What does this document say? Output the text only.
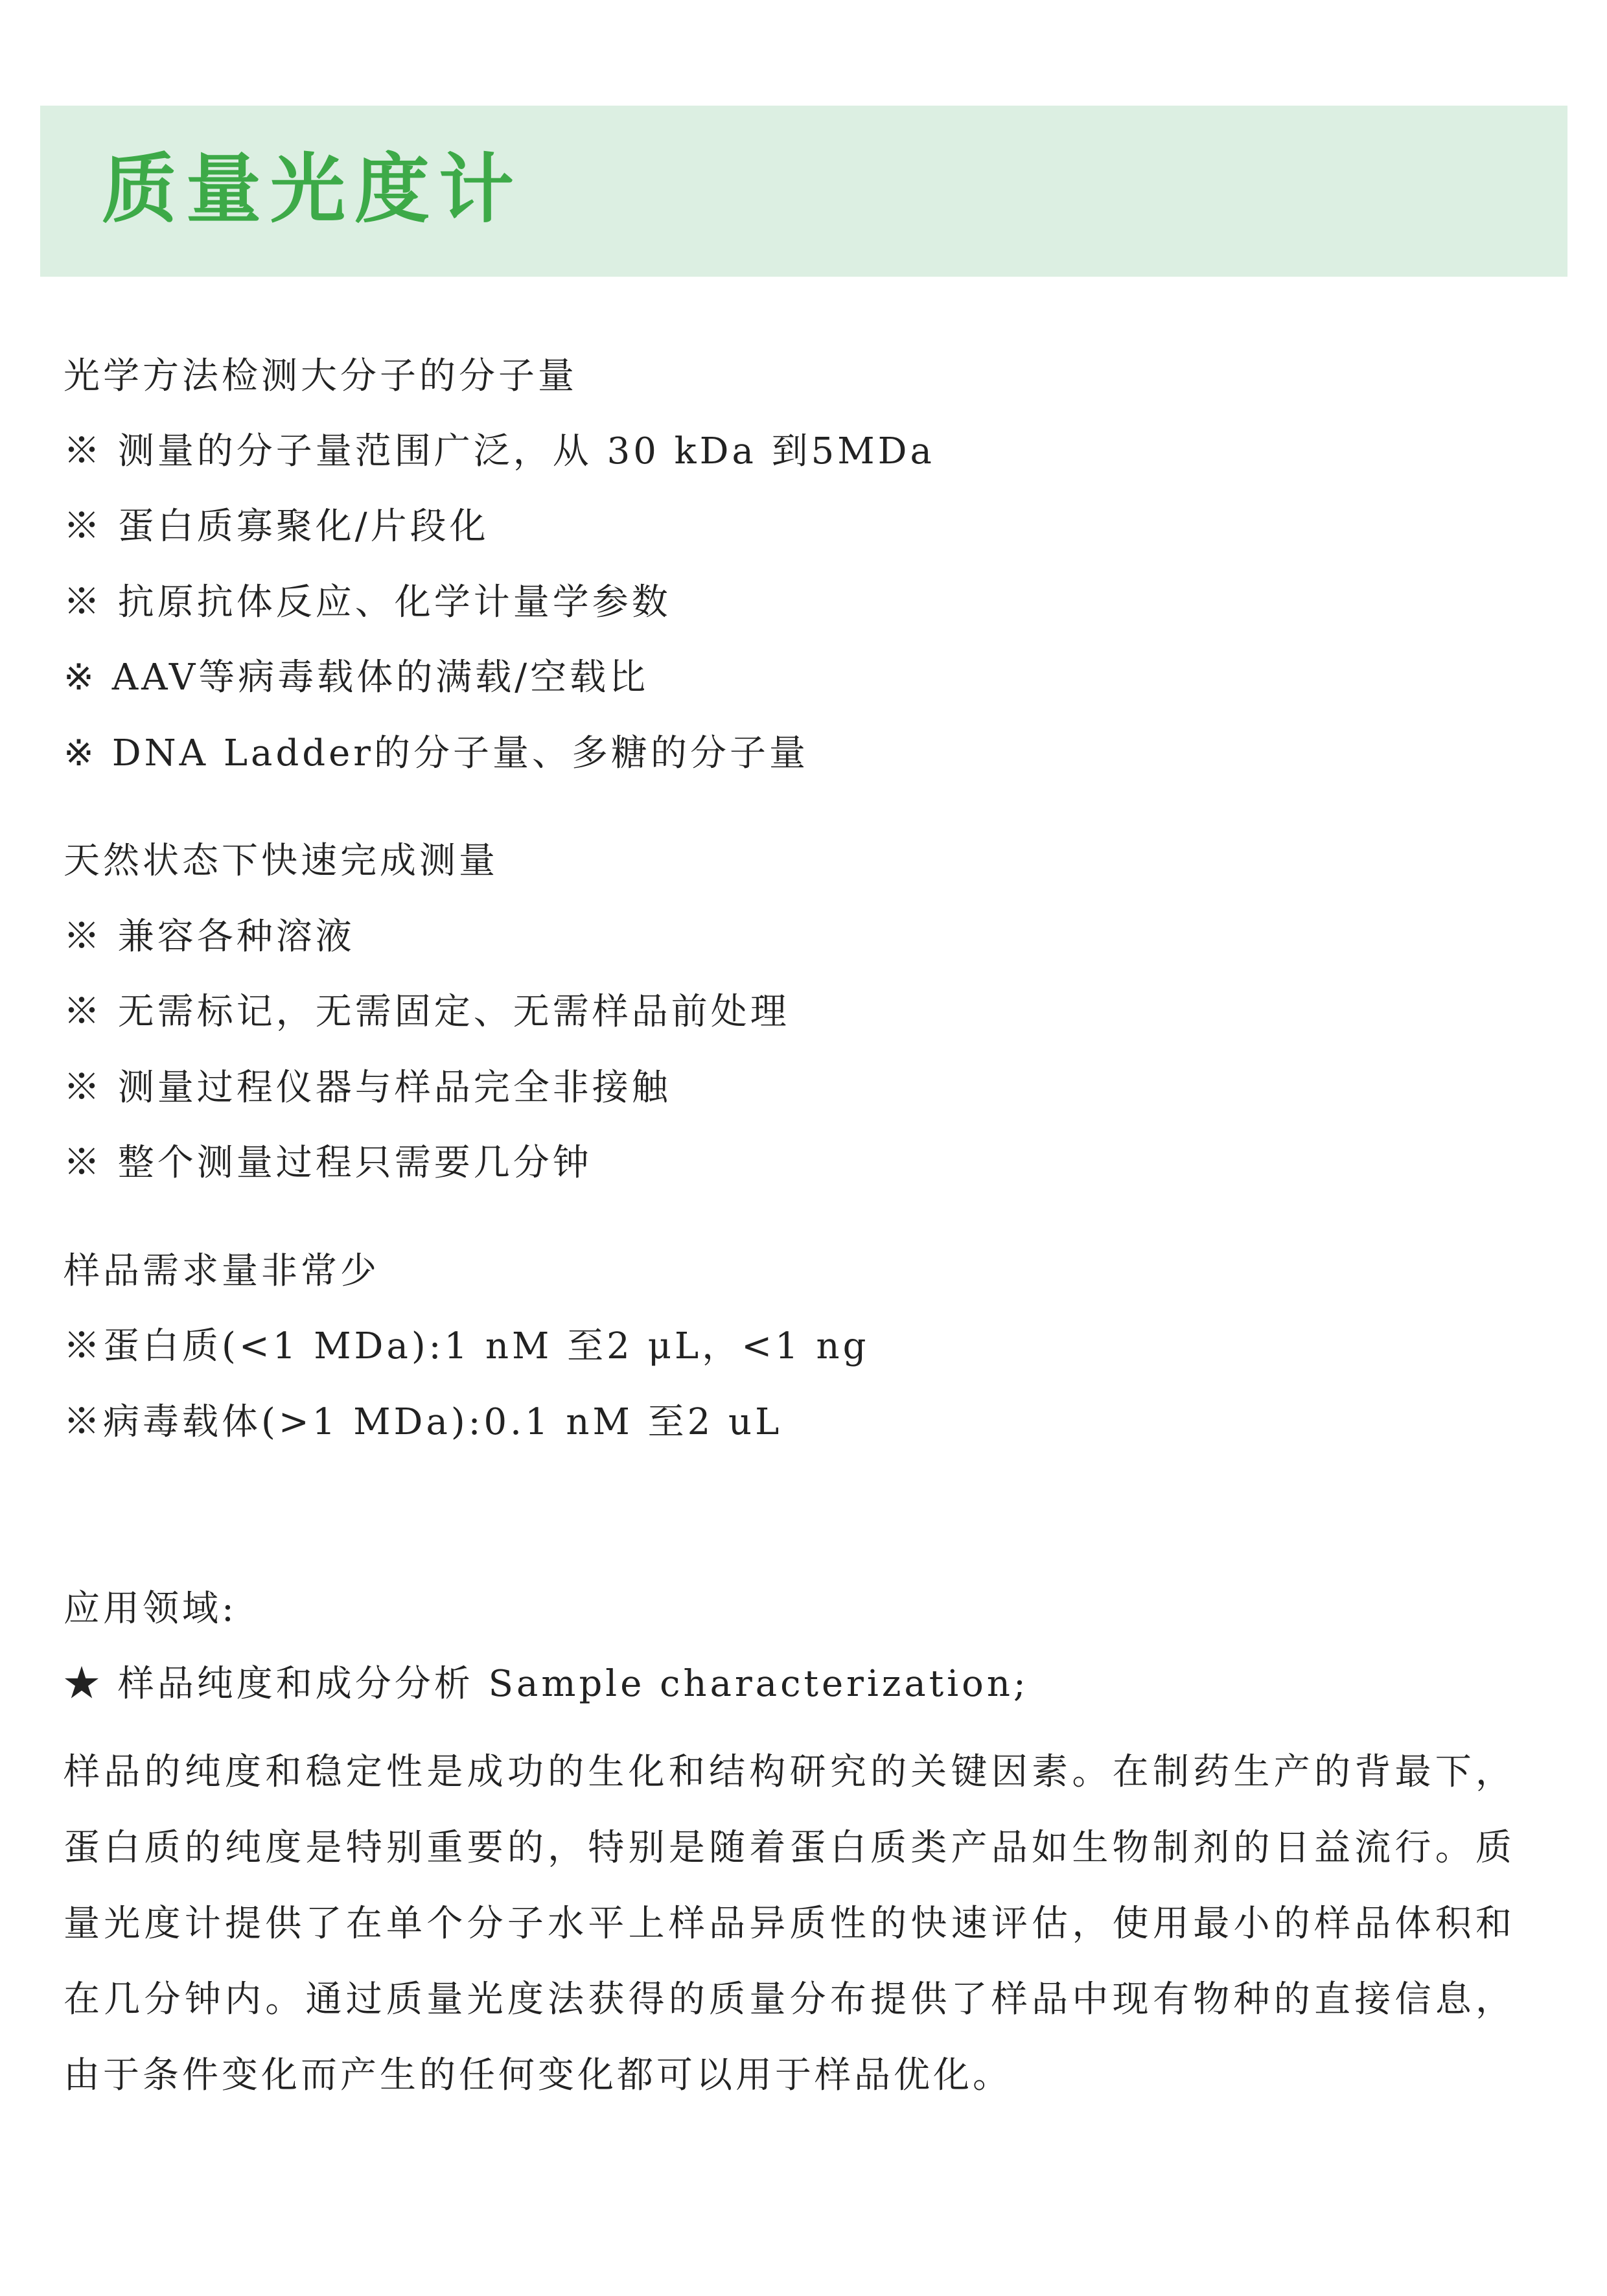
质量光度计
光学方法检测大分子的分子量
※ 测量的分子量范围广泛，从 30 kDa 到5MDa
※ 蛋白质寡聚化/片段化
※ 抗原抗体反应、化学计量学参数
※ AAV等病毒载体的满载/空载比
※ DNA Ladder的分子量、多糖的分子量
天然状态下快速完成测量
※ 兼容各种溶液
※ 无需标记，无需固定、无需样品前处理
※ 测量过程仪器与样品完全非接触
※ 整个测量过程只需要几分钟
样品需求量非常少
※蛋白质(<1 MDa):1 nM 至2 μL，<1 ng
※病毒载体(>1 MDa):0.1 nM 至2 uL
应用领域:
★ 样品纯度和成分分析 Sample characterization;
样品的纯度和稳定性是成功的生化和结构研究的关键因素。在制药生产的背最下，蛋白质的纯度是特别重要的，特别是随着蛋白质类产品如生物制剂的日益流行。质量光度计提供了在单个分子水平上样品异质性的快速评估，使用最小的样品体积和在几分钟内。通过质量光度法获得的质量分布提供了样品中现有物种的直接信息，由于条件变化而产生的任何变化都可以用于样品优化。
